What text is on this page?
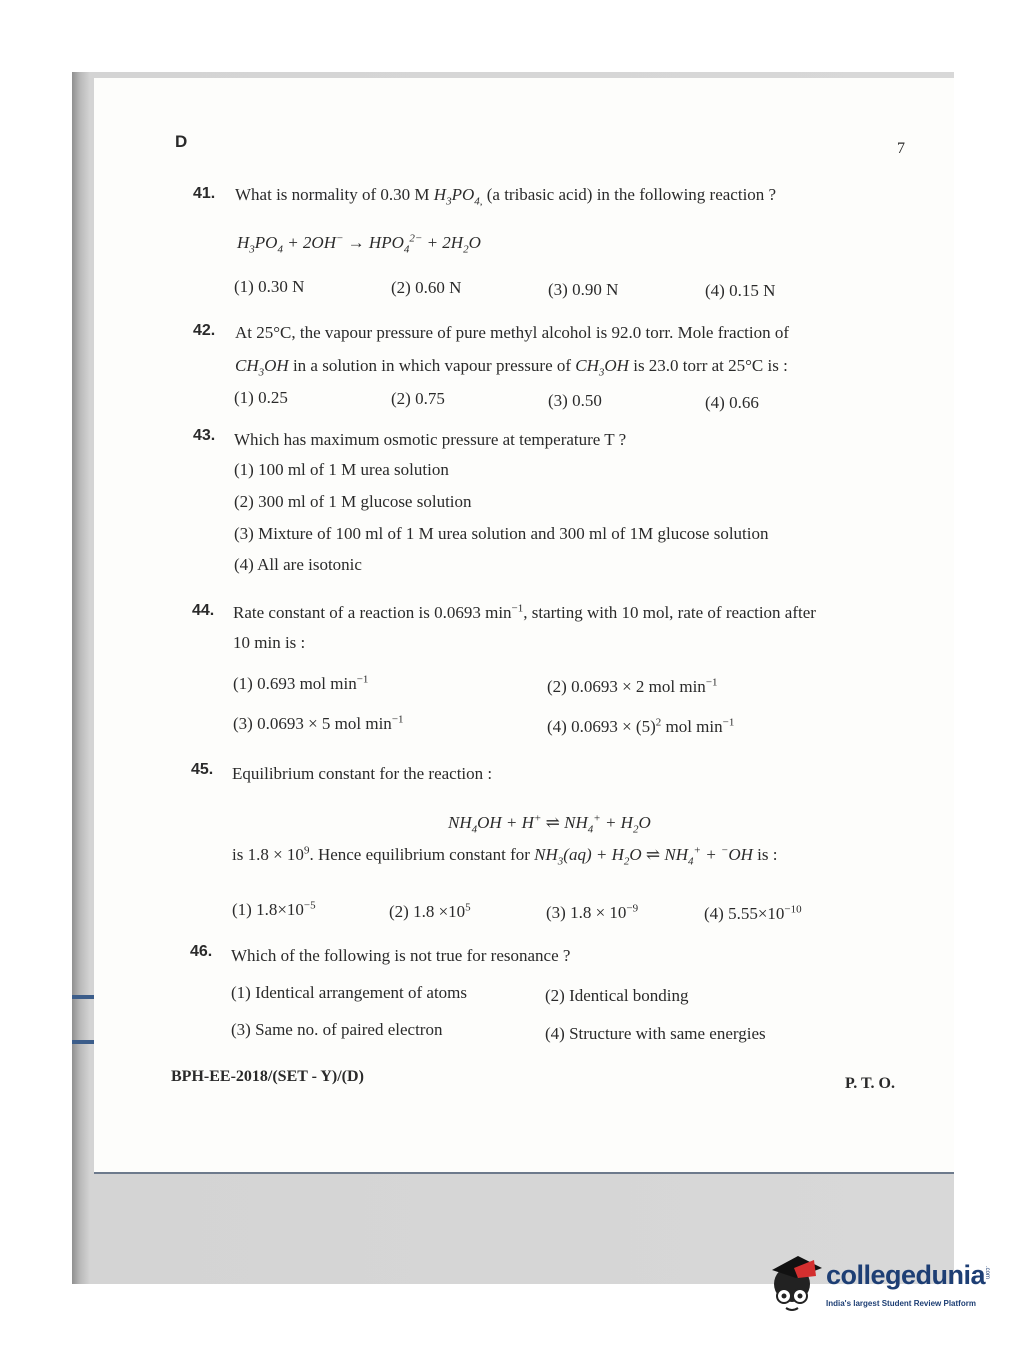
D	7
41. What is normality of 0.30 M $H_3PO_{4,}$ (a tribasic acid) in the following reaction ?
$H_3PO_4 + 2OH^- \to HPO_4^{2-} + 2H_2O$
(1) 0.30 N	(2) 0.60 N	(3) 0.90 N	(4) 0.15 N
42. At 25°C, the vapour pressure of pure methyl alcohol is 92.0 torr. Mole fraction of
$CH_3OH$ in a solution in which vapour pressure of $CH_3OH$ is 23.0 torr at 25°C is :
(1) 0.25	(2) 0.75	(3) 0.50	(4) 0.66
43. Which has maximum osmotic pressure at temperature T ?
(1) 100 ml of 1 M urea solution
(2) 300 ml of 1 M glucose solution
(3) Mixture of 100 ml of 1 M urea solution and 300 ml of 1M glucose solution
(4) All are isotonic
44. Rate constant of a reaction is 0.0693 $\min^{-1}$, starting with 10 mol, rate of reaction after
10 min is :
(1) 0.693 mol $\min^{-1}$	(2) 0.0693 × 2 mol $\min^{-1}$
(3) 0.0693 × 5 mol $\min^{-1}$	(4) $0.0693 \times (5)^2$ mol $\min^{-1}$
45. Equilibrium constant for the reaction :
$NH_4OH + H^+$ ⇌ $NH_4^+ + H_2O$
is $1.8 \times 10^9$. Hence equilibrium constant for $NH_3(aq) + H_2O$ ⇌ $NH_4^+ + ^-OH$ is :
(1) $1.8\times 10^{-5}$	(2) $1.8 \times 10^5$	(3) $1.8 \times 10^{-9}$	(4) $5.55\times 10^{-10}$
46. Which of the following is not true for resonance ?
(1) Identical arrangement of atoms	(2) Identical bonding
(3) Same no. of paired electron	(4) Structure with same energies
BPH-EE-2018/(SET - Y)/(D)	P. T. O.
collegedunia
.com
India's largest Student Review Platform
